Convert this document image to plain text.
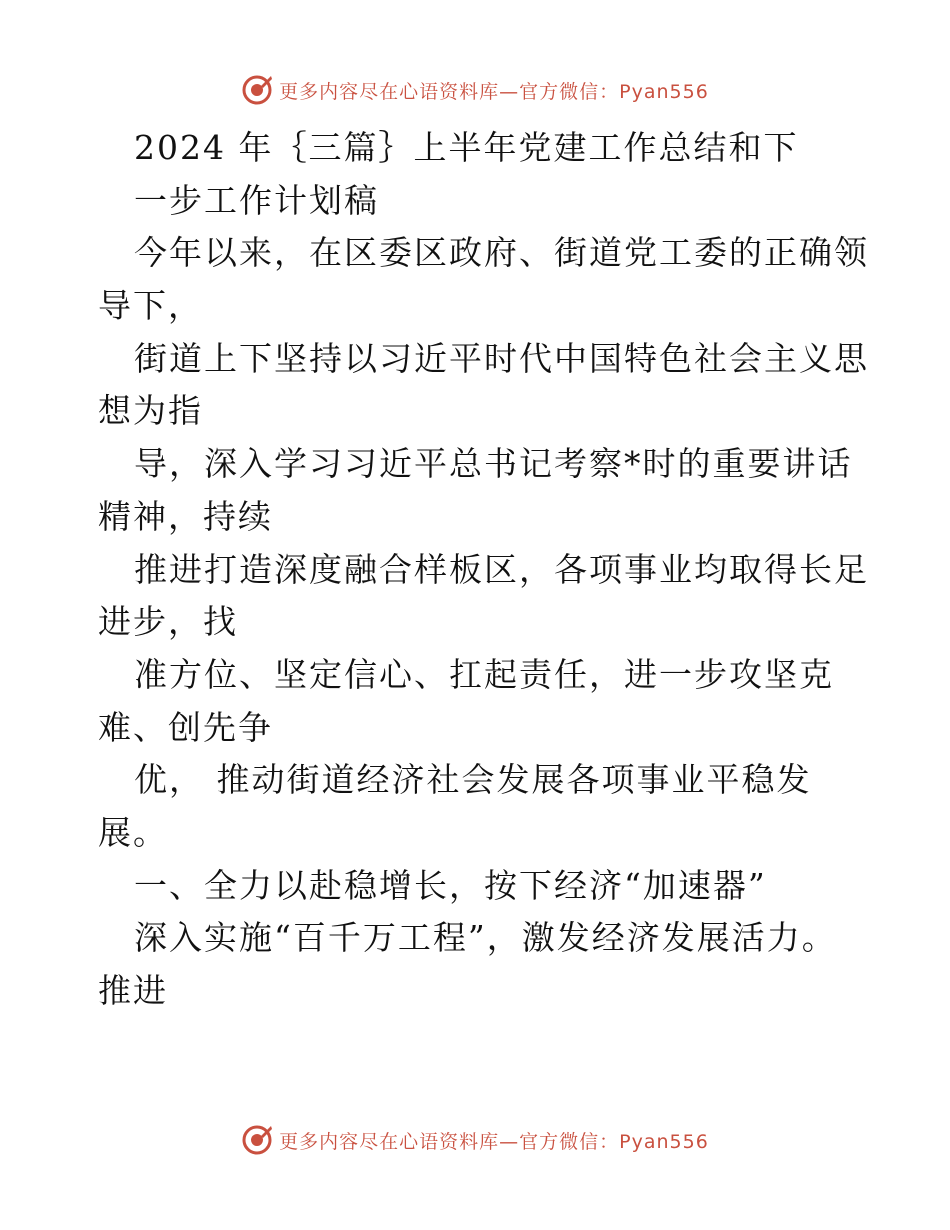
更多内容尽在心语资料库—官方微信：Pyan556
2024 年｛三篇｝上半年党建工作总结和下
一步工作计划稿
今年以来，在区委区政府、街道党工委的正确领
导下，
街道上下坚持以习近平时代中国特色社会主义思
想为指
导，深入学习习近平总书记考察*时的重要讲话
精神，持续
推进打造深度融合样板区，各项事业均取得长足
进步，找
准方位、坚定信心、扛起责任，进一步攻坚克
难、创先争
优， 推动街道经济社会发展各项事业平稳发
展。
一、全力以赴稳增长，按下经济“加速器”
深入实施“百千万工程”，激发经济发展活力。
推进
更多内容尽在心语资料库—官方微信：Pyan556
